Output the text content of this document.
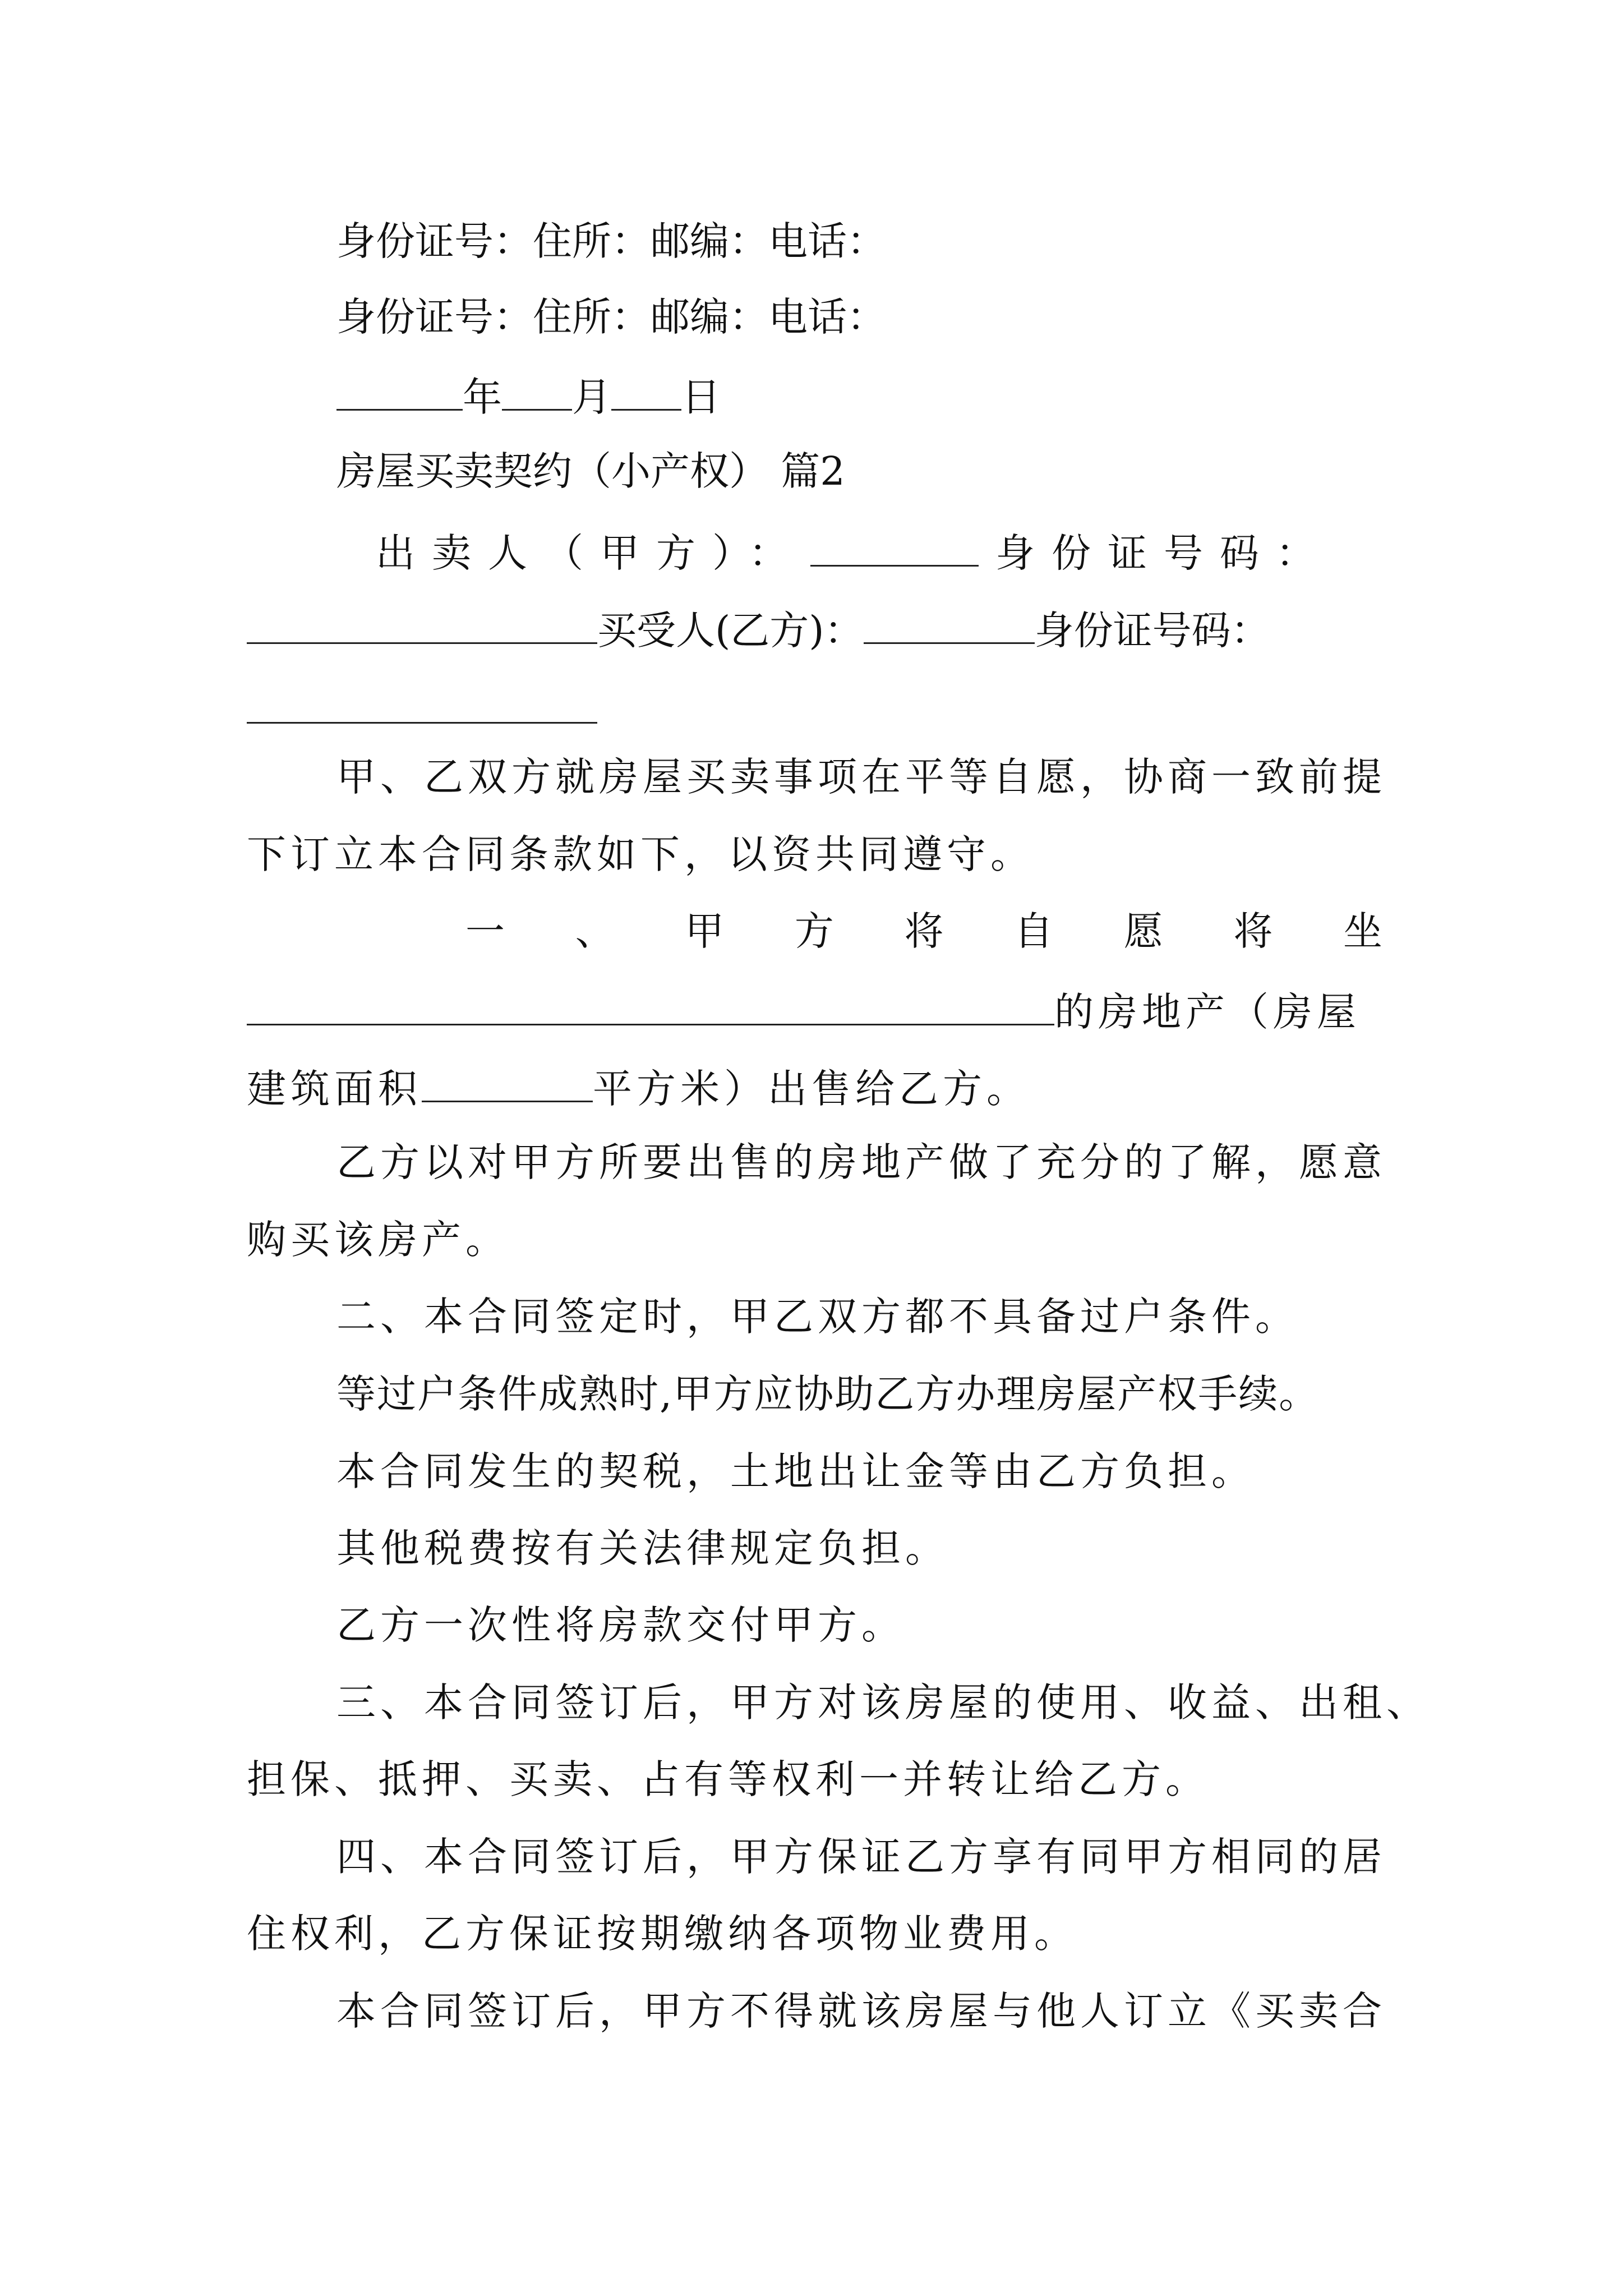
身份证号：住所：邮编：电话：
身份证号：住所：邮编：电话：
年 月 日
房屋买卖契约（小产权） 篇2
出卖人（甲方）：	身份证号码：
买受人(乙方)：	身份证号码：
甲、乙双方就房屋买卖事项在平等自愿，协商一致前提
下订立本合同条款如下，以资共同遵守。
一 、 甲 方 将 自 愿 将 坐
的房地产（房屋
建筑面积	平方米）出售给乙方。
乙方以对甲方所要出售的房地产做了充分的了解，愿意
购买该房产。
二、本合同签定时，甲乙双方都不具备过户条件。
等过户条件成熟时,甲方应协助乙方办理房屋产权手续。
本合同发生的契税，土地出让金等由乙方负担。
其他税费按有关法律规定负担。
乙方一次性将房款交付甲方。
三、本合同签订后，甲方对该房屋的使用、收益、出租、
担保、抵押、买卖、占有等权利一并转让给乙方。
四、本合同签订后，甲方保证乙方享有同甲方相同的居
住权利，乙方保证按期缴纳各项物业费用。
本合同签订后，甲方不得就该房屋与他人订立《买卖合
